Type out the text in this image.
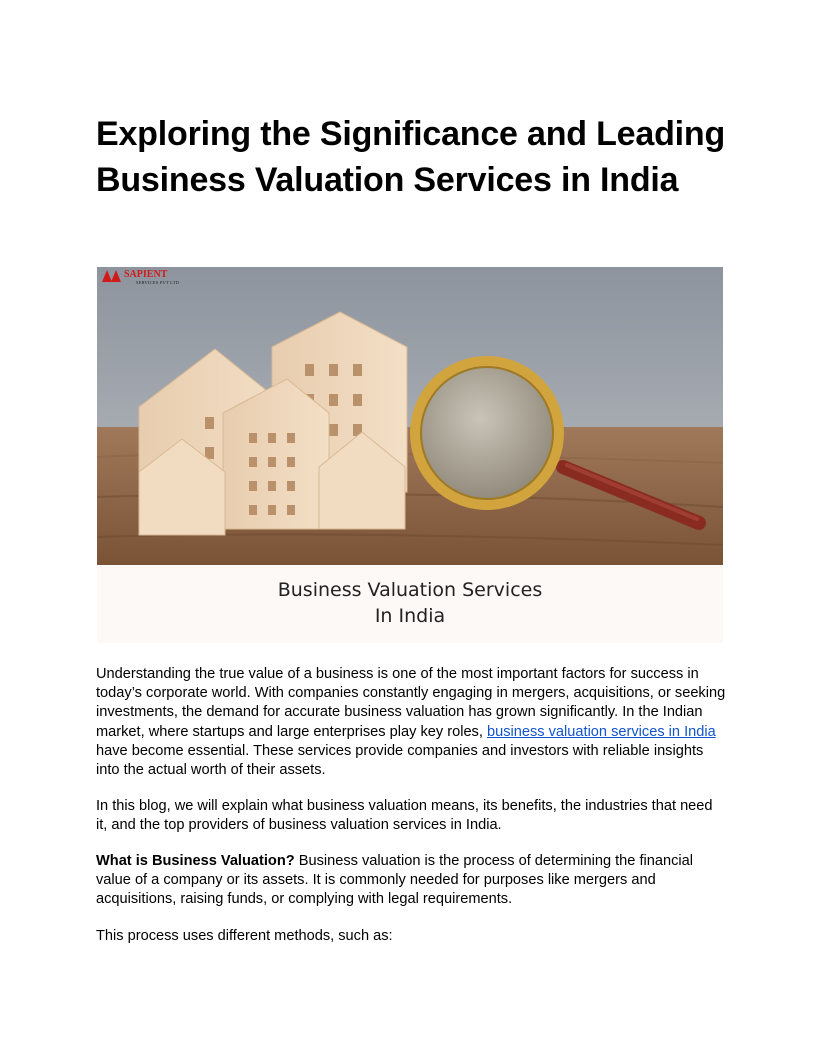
Exploring the Significance and Leading Business Valuation Services in India
SAPIENT
SERVICES PVT LTD
Business Valuation Services
In India

Understanding the true value of a business is one of the most important factors for success in today’s corporate world. With companies constantly engaging in mergers, acquisitions, or seeking investments, the demand for accurate business valuation has grown significantly. In the Indian market, where startups and large enterprises play key roles, business valuation services in India have become essential. These services provide companies and investors with reliable insights into the actual worth of their assets.

In this blog, we will explain what business valuation means, its benefits, the industries that need it, and the top providers of business valuation services in India.

What is Business Valuation? Business valuation is the process of determining the financial value of a company or its assets. It is commonly needed for purposes like mergers and acquisitions, raising funds, or complying with legal requirements.

This process uses different methods, such as:
